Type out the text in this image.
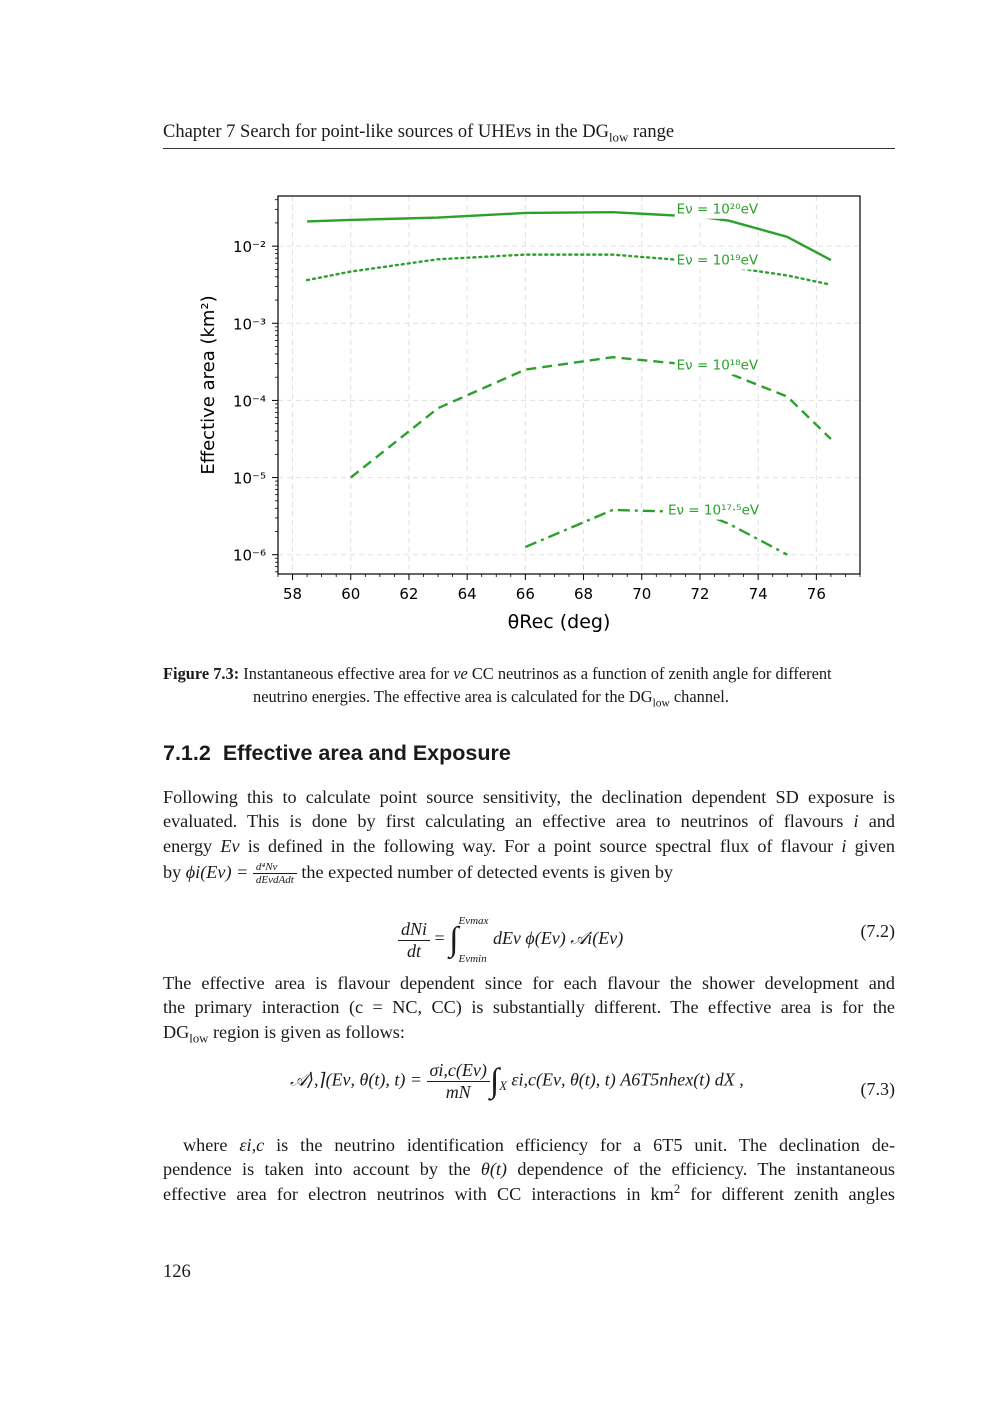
Chapter 7 Search for point-like sources of UHEνs in the $DG_{low}$ range
58	60	62	64	66	68	70	72	74	76
10⁻²
10⁻³
10⁻⁴
10⁻⁵
10⁻⁶
Effective area (km²)
θRec (deg)
Eν = 10²⁰eV
Eν = 10¹⁹eV
Eν = 10¹⁸eV
Eν = 10¹⁷·⁵eV
Figure 7.3: Instantaneous effective area for νe CC neutrinos as a function of zenith angle for different
neutrino energies. The effective area is calculated for the $DG_{low}$ channel.
7.1.2 Effective area and Exposure
Following this to calculate point source sensitivity, the declination dependent SD exposure is
evaluated. This is done by first calculating an effective area to neutrinos of flavours i and
energy Eν is defined in the following way. For a point source spectral flux of flavour i given
by $\phi i(E\nu) = \frac{\text{d⁴Nν}}{\text{dEνdAdt}}$ the expected number of detected events is given by
$\frac{\text{dNi}}{dt}$ = ∫ Eνmax
Eνmin
dEν ϕ(Eν) 𝒜i(Eν)	(7.2)
The effective area is flavour dependent since for each flavour the shower development and
the primary interaction (c = NC, CC) is substantially different. The effective area is for the
$DG_{low}$ region is given as follows:
𝒜⟩,⌉(Eν, θ(t), $t) = \frac{\sigma i,c(E\nu)}{mN} \int_X$ εi,c(Eν, θ(t), t) A6T5nhex(t) dX ,	(7.3)
where εi,c is the neutrino identification efficiency for a 6T5 unit. The declination de-
pendence is taken into account by the θ(t) dependence of the efficiency. The instantaneous
effective area for electron neutrinos with CC interactions in $km^2$ for different zenith angles
126
